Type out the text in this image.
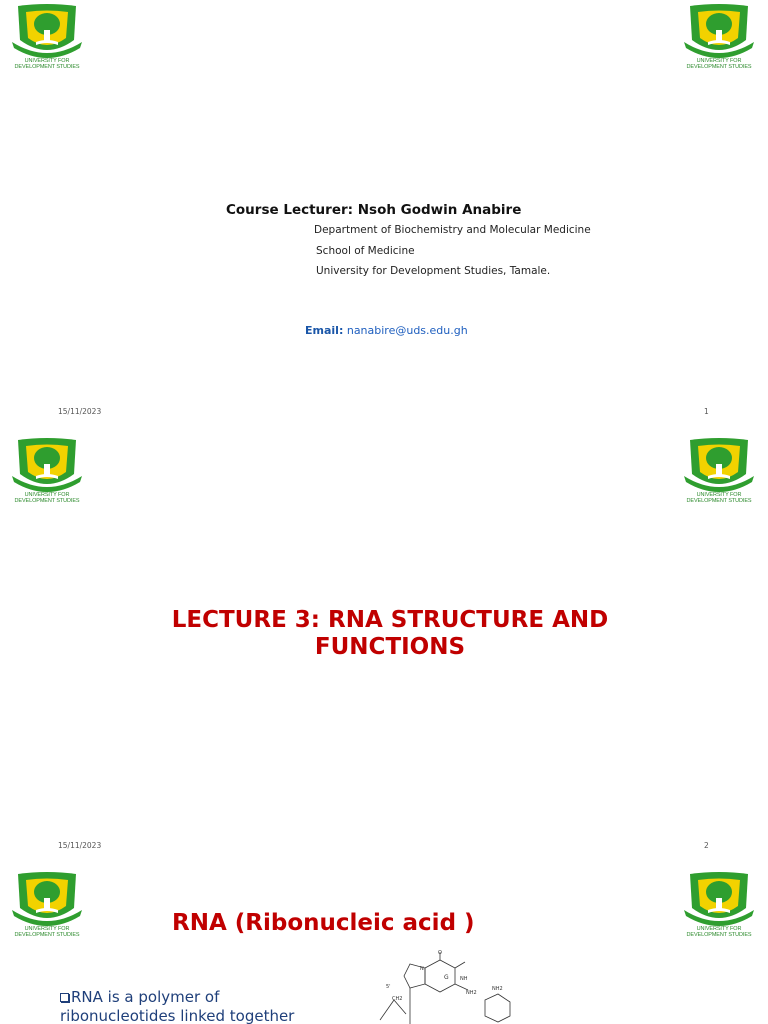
UNIVERSITY FOR
DEVELOPMENT STUDIES
UNIVERSITY FOR
DEVELOPMENT STUDIES
Course Lecturer: Nsoh Godwin Anabire
Department of Biochemistry and Molecular Medicine
School of Medicine
University for Development Studies, Tamale.
Email: nanabire@uds.edu.gh
15/11/2023	1
UNIVERSITY FOR
DEVELOPMENT STUDIES
UNIVERSITY FOR
DEVELOPMENT STUDIES
LECTURE 3: RNA STRUCTURE AND
FUNCTIONS
15/11/2023	2
UNIVERSITY FOR
DEVELOPMENT STUDIES
UNIVERSITY FOR
DEVELOPMENT STUDIES
RNA (Ribonucleic acid )
RNA is a polymer of
ribonucleotides linked together
G NH
NH2
NH2
O
5'
CH2
N
